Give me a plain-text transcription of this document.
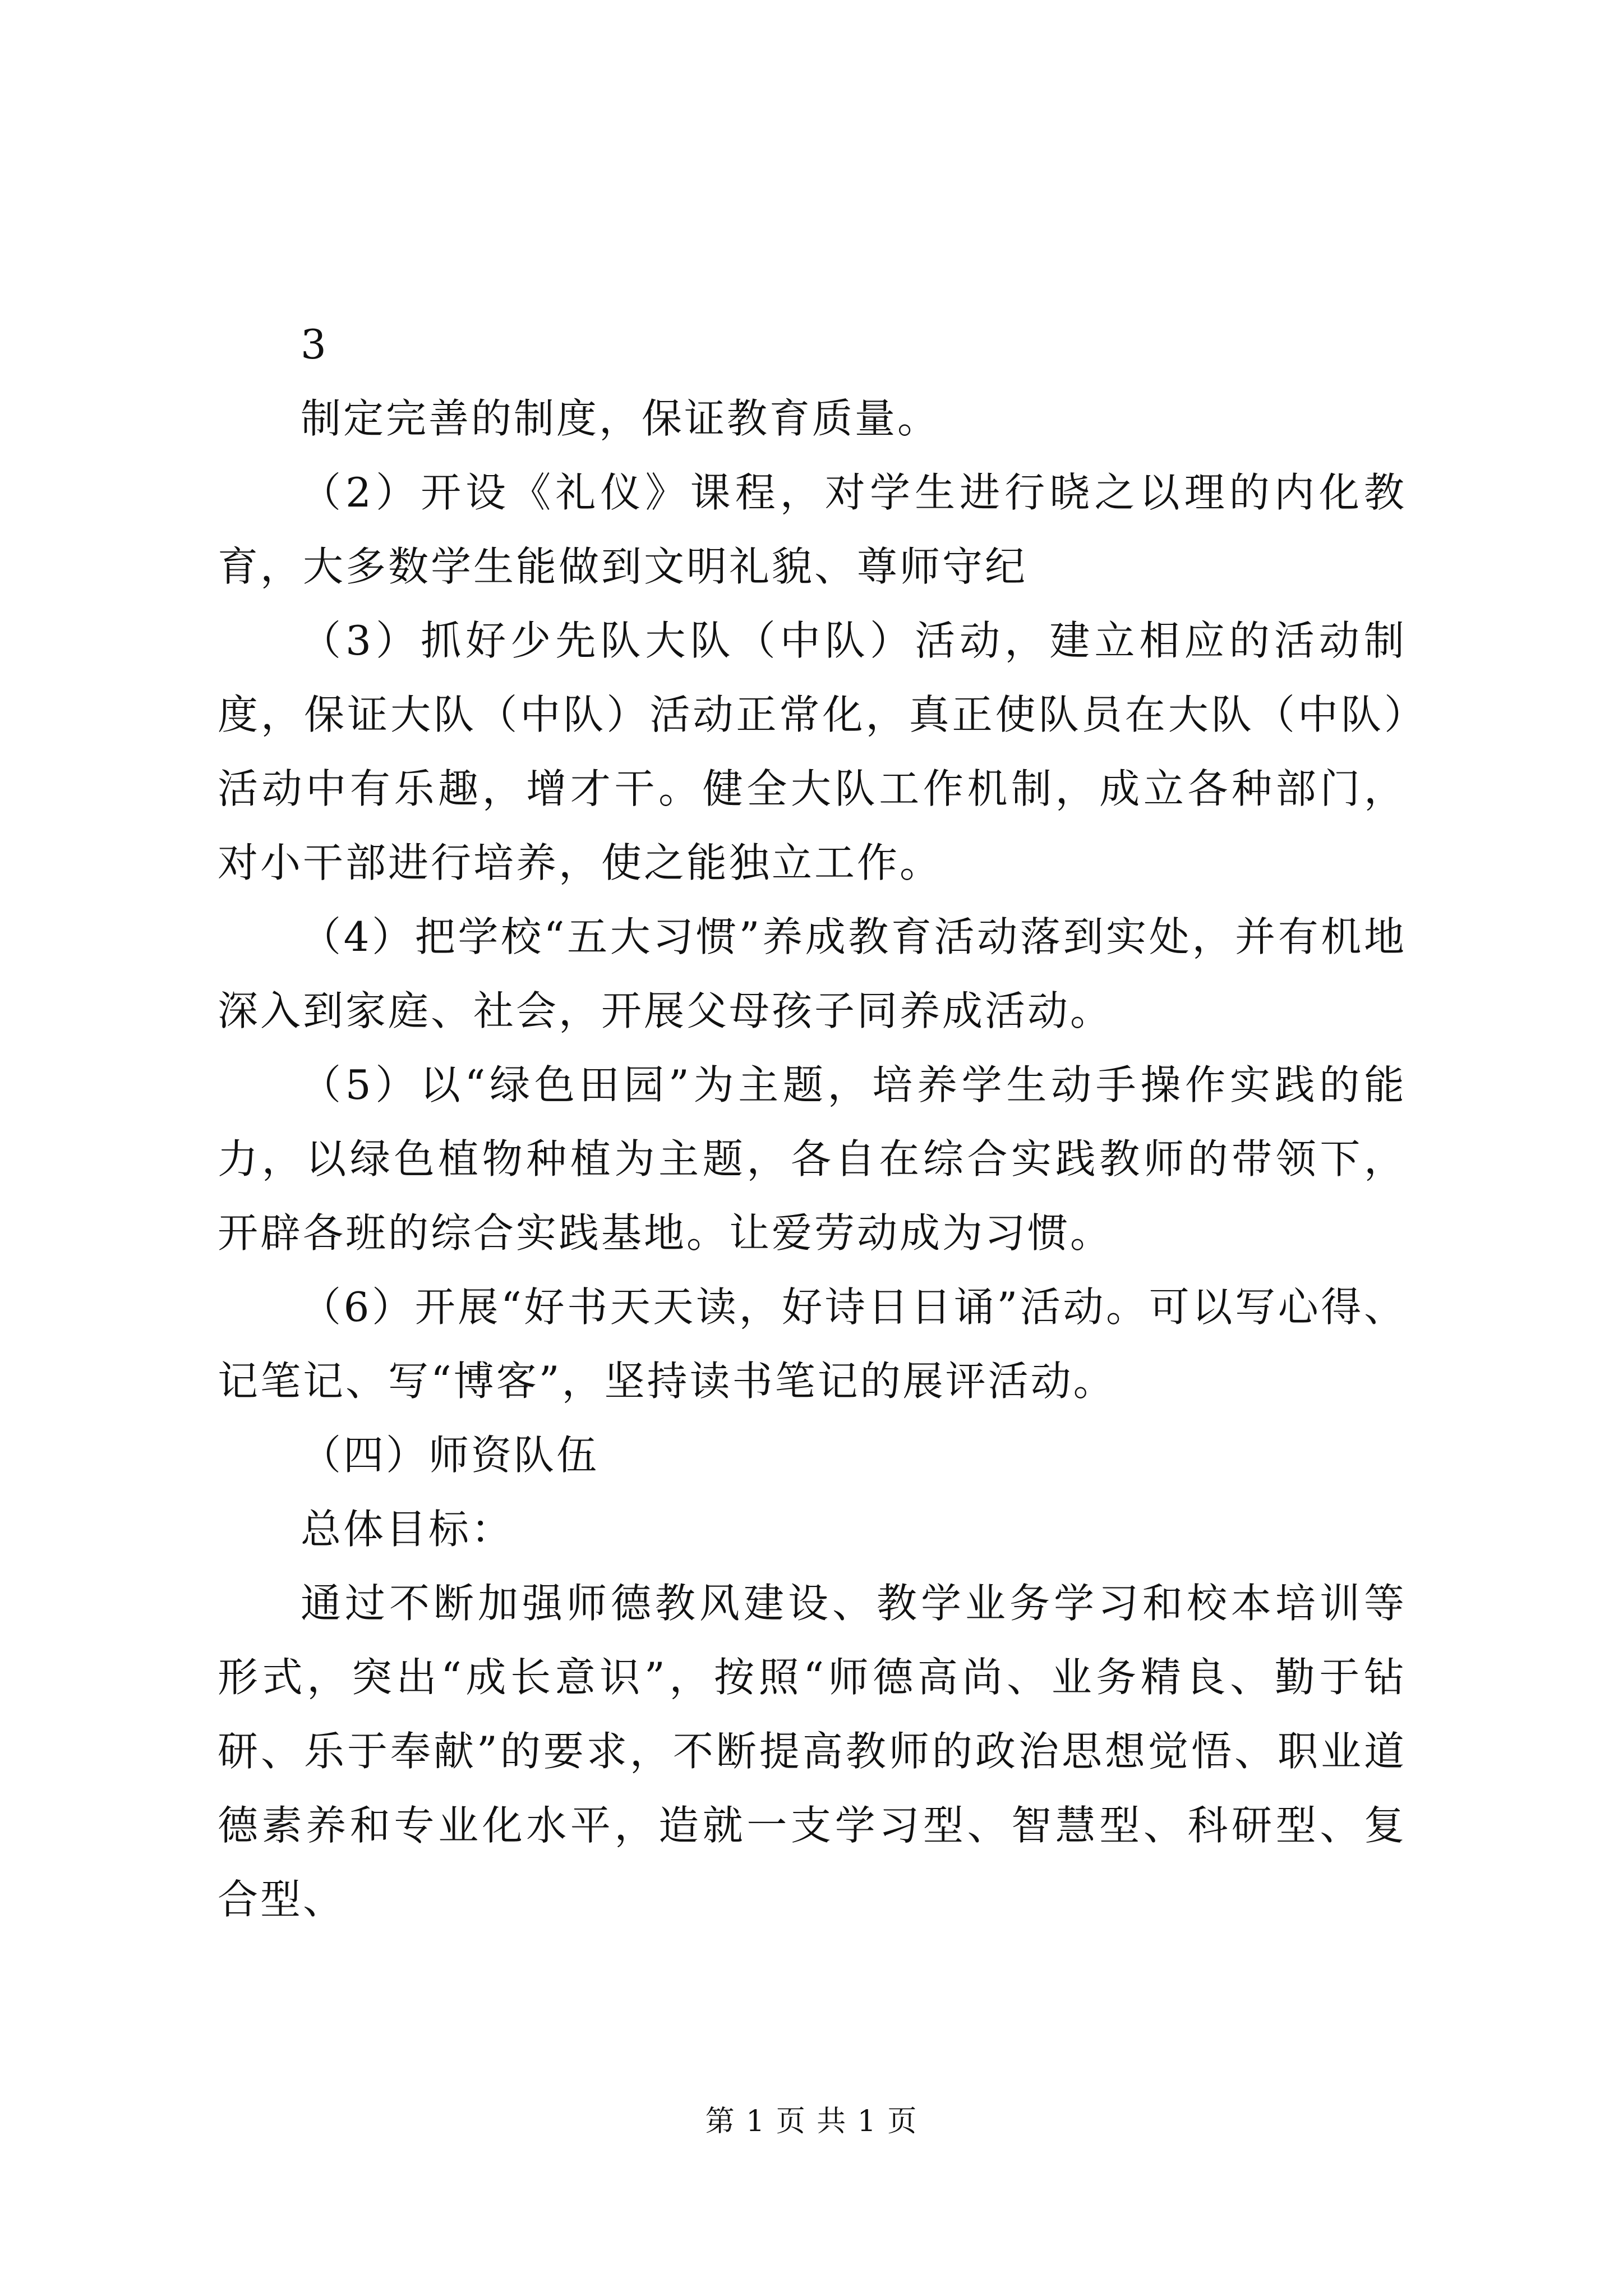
3

制定完善的制度，保证教育质量。

（2）开设《礼仪》课程，对学生进行晓之以理的内化教育，大多数学生能做到文明礼貌、尊师守纪

（3）抓好少先队大队（中队）活动，建立相应的活动制度，保证大队（中队）活动正常化，真正使队员在大队（中队）活动中有乐趣，增才干。健全大队工作机制，成立各种部门，对小干部进行培养，使之能独立工作。

（4）把学校“五大习惯”养成教育活动落到实处，并有机地深入到家庭、社会，开展父母孩子同养成活动。

（5）以“绿色田园”为主题，培养学生动手操作实践的能力，以绿色植物种植为主题，各自在综合实践教师的带领下，开辟各班的综合实践基地。让爱劳动成为习惯。

（6）开展“好书天天读，好诗日日诵”活动。可以写心得、记笔记、写“博客”，坚持读书笔记的展评活动。

（四）师资队伍

总体目标：

通过不断加强师德教风建设、教学业务学习和校本培训等形式，突出“成长意识”，按照“师德高尚、业务精良、勤于钻研、乐于奉献”的要求，不断提高教师的政治思想觉悟、职业道德素养和专业化水平，造就一支学习型、智慧型、科研型、复合型、

第 1 页 共 1 页
